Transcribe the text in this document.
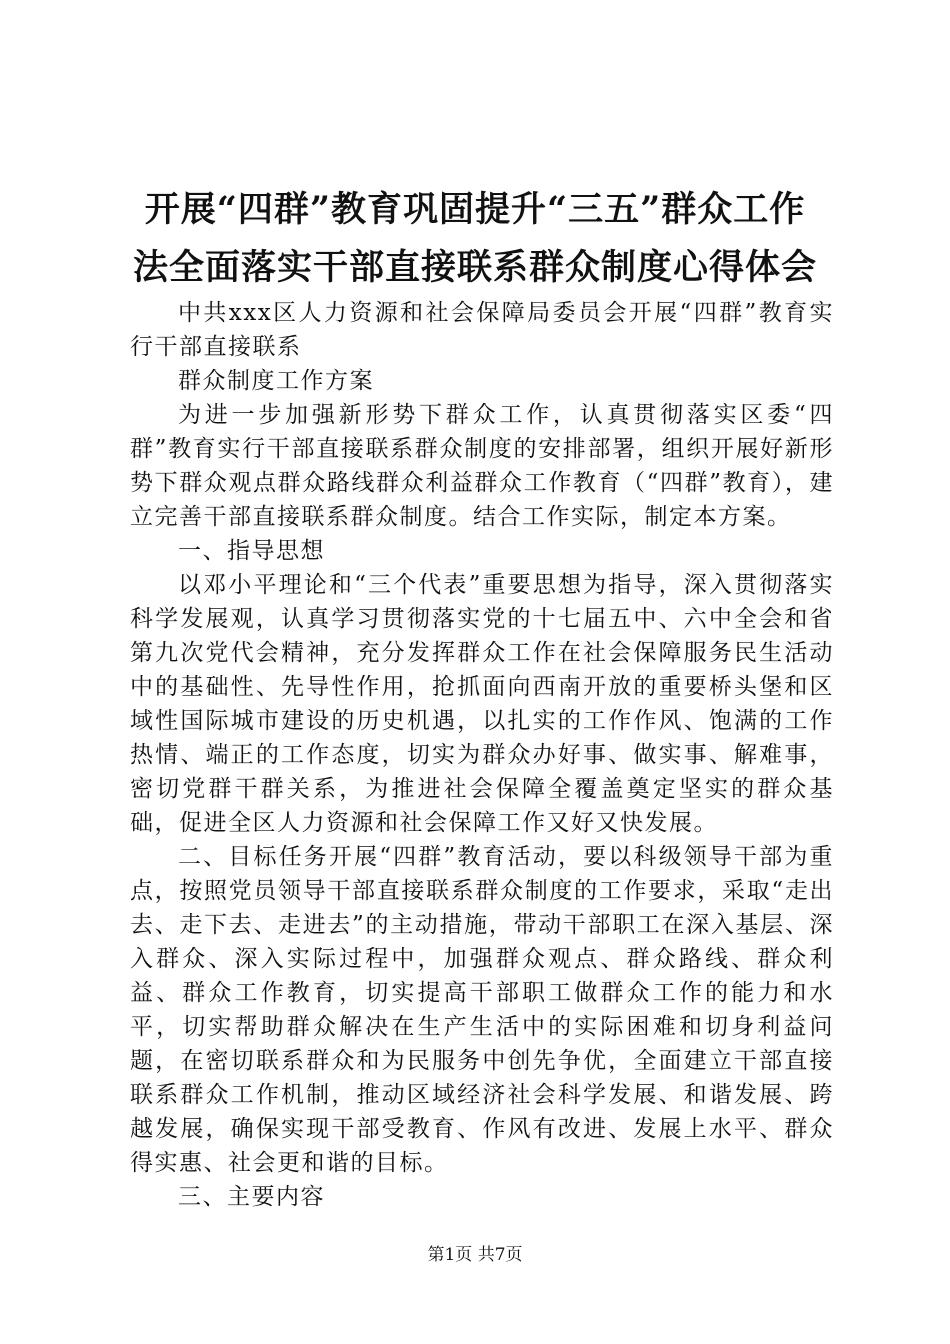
开展“四群”教育巩固提升“三五”群众工作
法全面落实干部直接联系群众制度心得体会

中共xxx区人力资源和社会保障局委员会开展“四群”教育实行干部直接联系

群众制度工作方案

为进一步加强新形势下群众工作，认真贯彻落实区委“四群”教育实行干部直接联系群众制度的安排部署，组织开展好新形势下群众观点群众路线群众利益群众工作教育（“四群”教育），建立完善干部直接联系群众制度。结合工作实际，制定本方案。

一、指导思想

以邓小平理论和“三个代表”重要思想为指导，深入贯彻落实科学发展观，认真学习贯彻落实党的十七届五中、六中全会和省第九次党代会精神，充分发挥群众工作在社会保障服务民生活动中的基础性、先导性作用，抢抓面向西南开放的重要桥头堡和区域性国际城市建设的历史机遇，以扎实的工作作风、饱满的工作热情、端正的工作态度，切实为群众办好事、做实事、解难事，密切党群干群关系，为推进社会保障全覆盖奠定坚实的群众基础，促进全区人力资源和社会保障工作又好又快发展。

二、目标任务开展“四群”教育活动，要以科级领导干部为重点，按照党员领导干部直接联系群众制度的工作要求，采取“走出去、走下去、走进去”的主动措施，带动干部职工在深入基层、深入群众、深入实际过程中，加强群众观点、群众路线、群众利益、群众工作教育，切实提高干部职工做群众工作的能力和水平，切实帮助群众解决在生产生活中的实际困难和切身利益问题，在密切联系群众和为民服务中创先争优，全面建立干部直接联系群众工作机制，推动区域经济社会科学发展、和谐发展、跨越发展，确保实现干部受教育、作风有改进、发展上水平、群众得实惠、社会更和谐的目标。

三、主要内容

第1页 共7页
